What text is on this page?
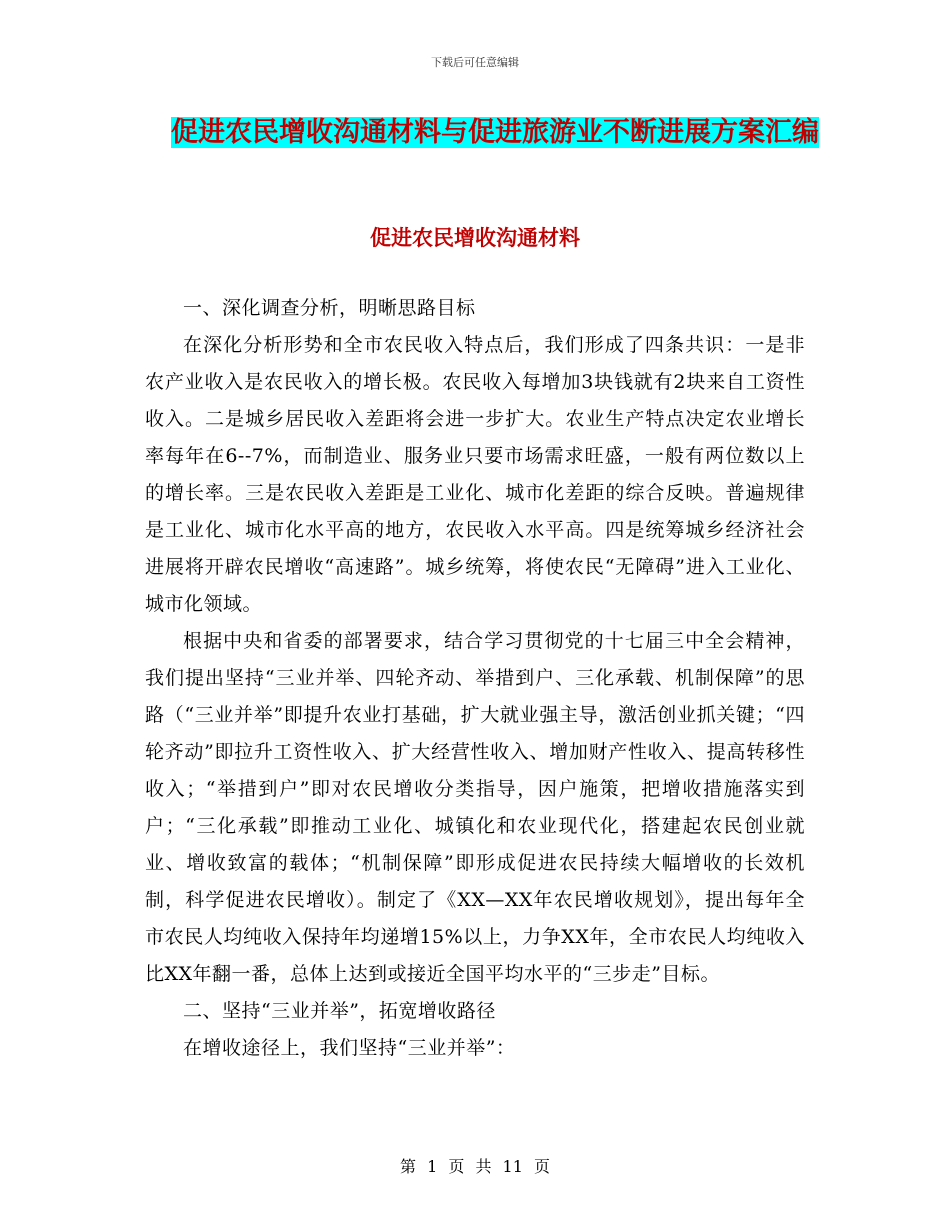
下载后可任意编辑
促进农民增收沟通材料与促进旅游业不断进展方案汇编
促进农民增收沟通材料

一、深化调查分析，明晰思路目标

在深化分析形势和全市农民收入特点后，我们形成了四条共识：一是非农产业收入是农民收入的增长极。农民收入每增加3块钱就有2块来自工资性收入。二是城乡居民收入差距将会进一步扩大。农业生产特点决定农业增长率每年在6--7%，而制造业、服务业只要市场需求旺盛，一般有两位数以上的增长率。三是农民收入差距是工业化、城市化差距的综合反映。普遍规律是工业化、城市化水平高的地方，农民收入水平高。四是统筹城乡经济社会进展将开辟农民增收“高速路”。城乡统筹，将使农民“无障碍”进入工业化、城市化领域。

根据中央和省委的部署要求，结合学习贯彻党的十七届三中全会精神，我们提出坚持“三业并举、四轮齐动、举措到户、三化承载、机制保障”的思路（“三业并举”即提升农业打基础，扩大就业强主导，激活创业抓关键；“四轮齐动”即拉升工资性收入、扩大经营性收入、增加财产性收入、提高转移性收入；“举措到户”即对农民增收分类指导，因户施策，把增收措施落实到户；“三化承载”即推动工业化、城镇化和农业现代化，搭建起农民创业就业、增收致富的载体；“机制保障”即形成促进农民持续大幅增收的长效机制，科学促进农民增收）。制定了《XX—XX年农民增收规划》，提出每年全市农民人均纯收入保持年均递增15%以上，力争XX年，全市农民人均纯收入比XX年翻一番，总体上达到或接近全国平均水平的“三步走”目标。

二、坚持“三业并举”，拓宽增收路径

在增收途径上，我们坚持“三业并举”：

第 1 页 共 11 页
